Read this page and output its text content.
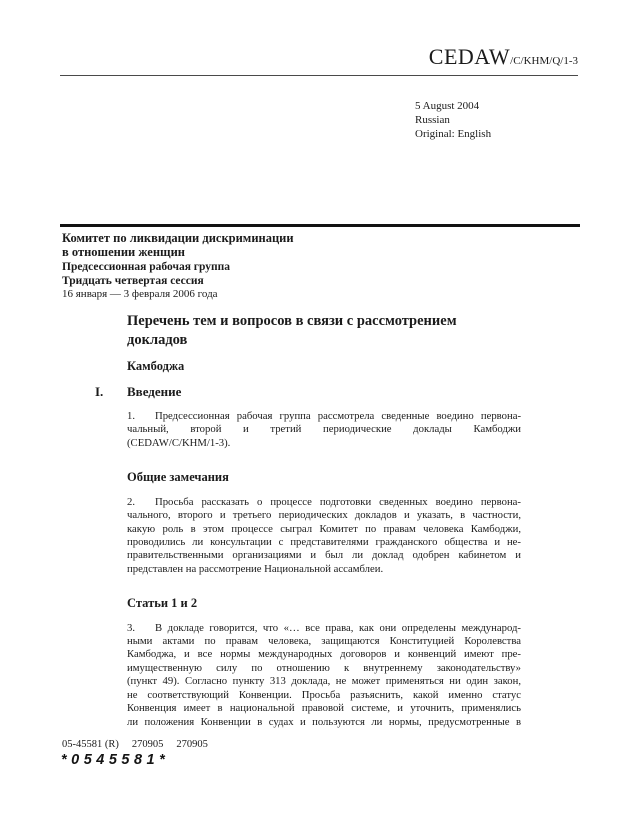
CEDAW/C/KHM/Q/1-3
5 August 2004
Russian
Original: English
Комитет по ликвидации дискриминации
в отношении женщин
Предсессионная рабочая группа
Тридцать четвертая сессия
16 января — 3 февраля 2006 года
Перечень тем и вопросов в связи с рассмотрением докладов
Камбоджа
I. Введение
1. Предсессионная рабочая группа рассмотрела сведенные воедино первона-
чальный, второй и третий периодические доклады Камбоджи
(CEDAW/C/KHM/1-3).
Общие замечания
2. Просьба рассказать о процессе подготовки сведенных воедино первона-
чального, второго и третьего периодических докладов и указать, в частности,
какую роль в этом процессе сыграл Комитет по правам человека Камбоджи,
проводились ли консультации с представителями гражданского общества и не-
правительственными организациями и был ли доклад одобрен кабинетом и
представлен на рассмотрение Национальной ассамблеи.
Статьи 1 и 2
3. В докладе говорится, что «… все права, как они определены международ-
ными актами по правам человека, защищаются Конституцией Королевства
Камбоджа, и все нормы международных договоров и конвенций имеют пре-
имущественную силу по отношению к внутреннему законодательству»
(пункт 49). Согласно пункту 313 доклада, не может применяться ни один закон,
не соответствующий Конвенции. Просьба разъяснить, какой именно статус
Конвенция имеет в национальной правовой системе, и уточнить, применялись
ли положения Конвенции в судах и пользуются ли нормы, предусмотренные в
05-45581 (R) 270905 270905
*0545581*
